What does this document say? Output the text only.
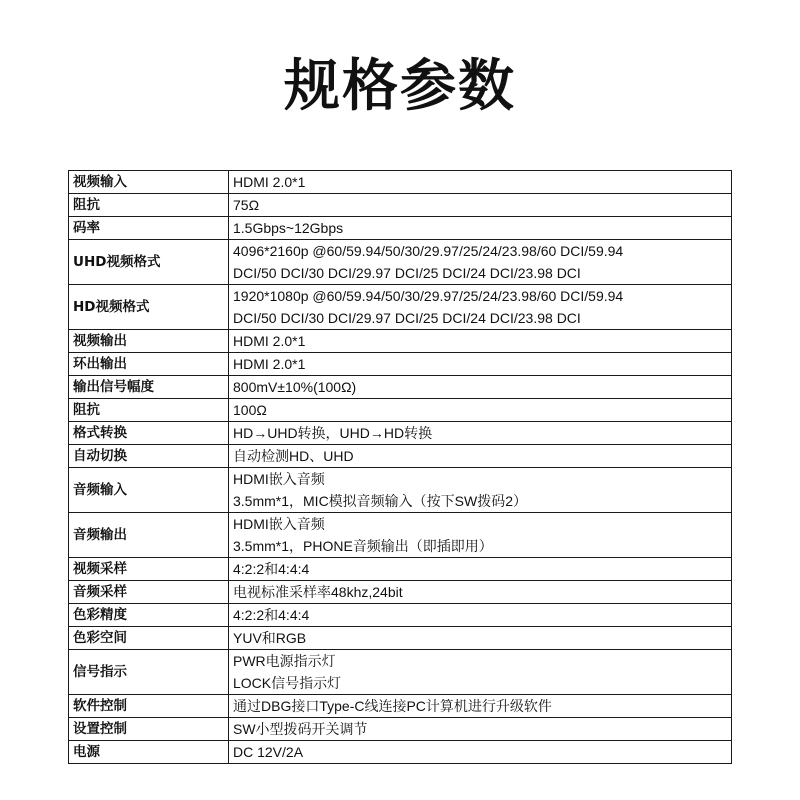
规格参数
视频输入	HDMI 2.0*1

阻抗	75Ω

码率	1.5Gbps~12Gbps

UHD视频格式	4096*2160p @60/59.94/50/30/29.97/25/24/23.98/60 DCI/59.94
DCI/50 DCI/30 DCI/29.97 DCI/25 DCI/24 DCI/23.98 DCI

HD视频格式	1920*1080p @60/59.94/50/30/29.97/25/24/23.98/60 DCI/59.94
DCI/50 DCI/30 DCI/29.97 DCI/25 DCI/24 DCI/23.98 DCI

视频输出	HDMI 2.0*1

环出输出	HDMI 2.0*1

输出信号幅度	800mV±10%(100Ω)

阻抗	100Ω

格式转换	HD→UHD转换，UHD→HD转换

自动切换	自动检测HD、UHD

音频输入	HDMI嵌入音频
3.5mm*1，MIC模拟音频输入（按下SW拨码2）

音频输出	HDMI嵌入音频
3.5mm*1，PHONE音频输出（即插即用）

视频采样	4:2:2和4:4:4

音频采样	电视标准采样率48khz,24bit

色彩精度	4:2:2和4:4:4

色彩空间	YUV和RGB

信号指示	PWR电源指示灯
LOCK信号指示灯

软件控制	通过DBG接口Type-C线连接PC计算机进行升级软件

设置控制	SW小型拨码开关调节

电源	DC 12V/2A
